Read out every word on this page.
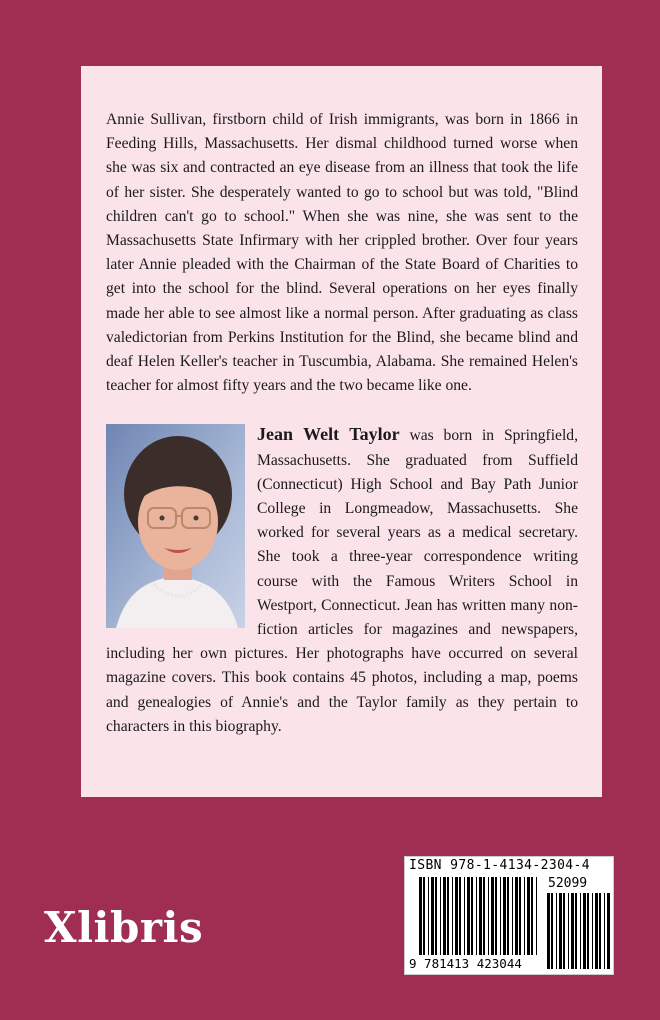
Annie Sullivan, firstborn child of Irish immigrants, was born in 1866 in Feeding Hills, Massachusetts. Her dismal childhood turned worse when she was six and contracted an eye disease from an illness that took the life of her sister. She desperately wanted to go to school but was told, "Blind children can't go to school." When she was nine, she was sent to the Massachusetts State Infirmary with her crippled brother. Over four years later Annie pleaded with the Chairman of the State Board of Charities to get into the school for the blind. Several operations on her eyes finally made her able to see almost like a normal person. After graduating as class valedictorian from Perkins Institution for the Blind, she became blind and deaf Helen Keller's teacher in Tuscumbia, Alabama. She remained Helen's teacher for almost fifty years and the two became like one.

Jean Welt Taylor was born in Springfield, Massachusetts. She graduated from Suffield (Connecticut) High School and Bay Path Junior College in Longmeadow, Massachusetts. She worked for several years as a medical secretary. She took a three-year correspondence writing course with the Famous Writers School in Westport, Connecticut. Jean has written many non-fiction articles for magazines and newspapers, including her own pictures. Her photographs have occurred on several magazine covers. This book contains 45 photos, including a map, poems and genealogies of Annie's and the Taylor family as they pertain to characters in this biography.

Xlibris
ISBN 978-1-4134-2304-4
52099
9 781413 423044
